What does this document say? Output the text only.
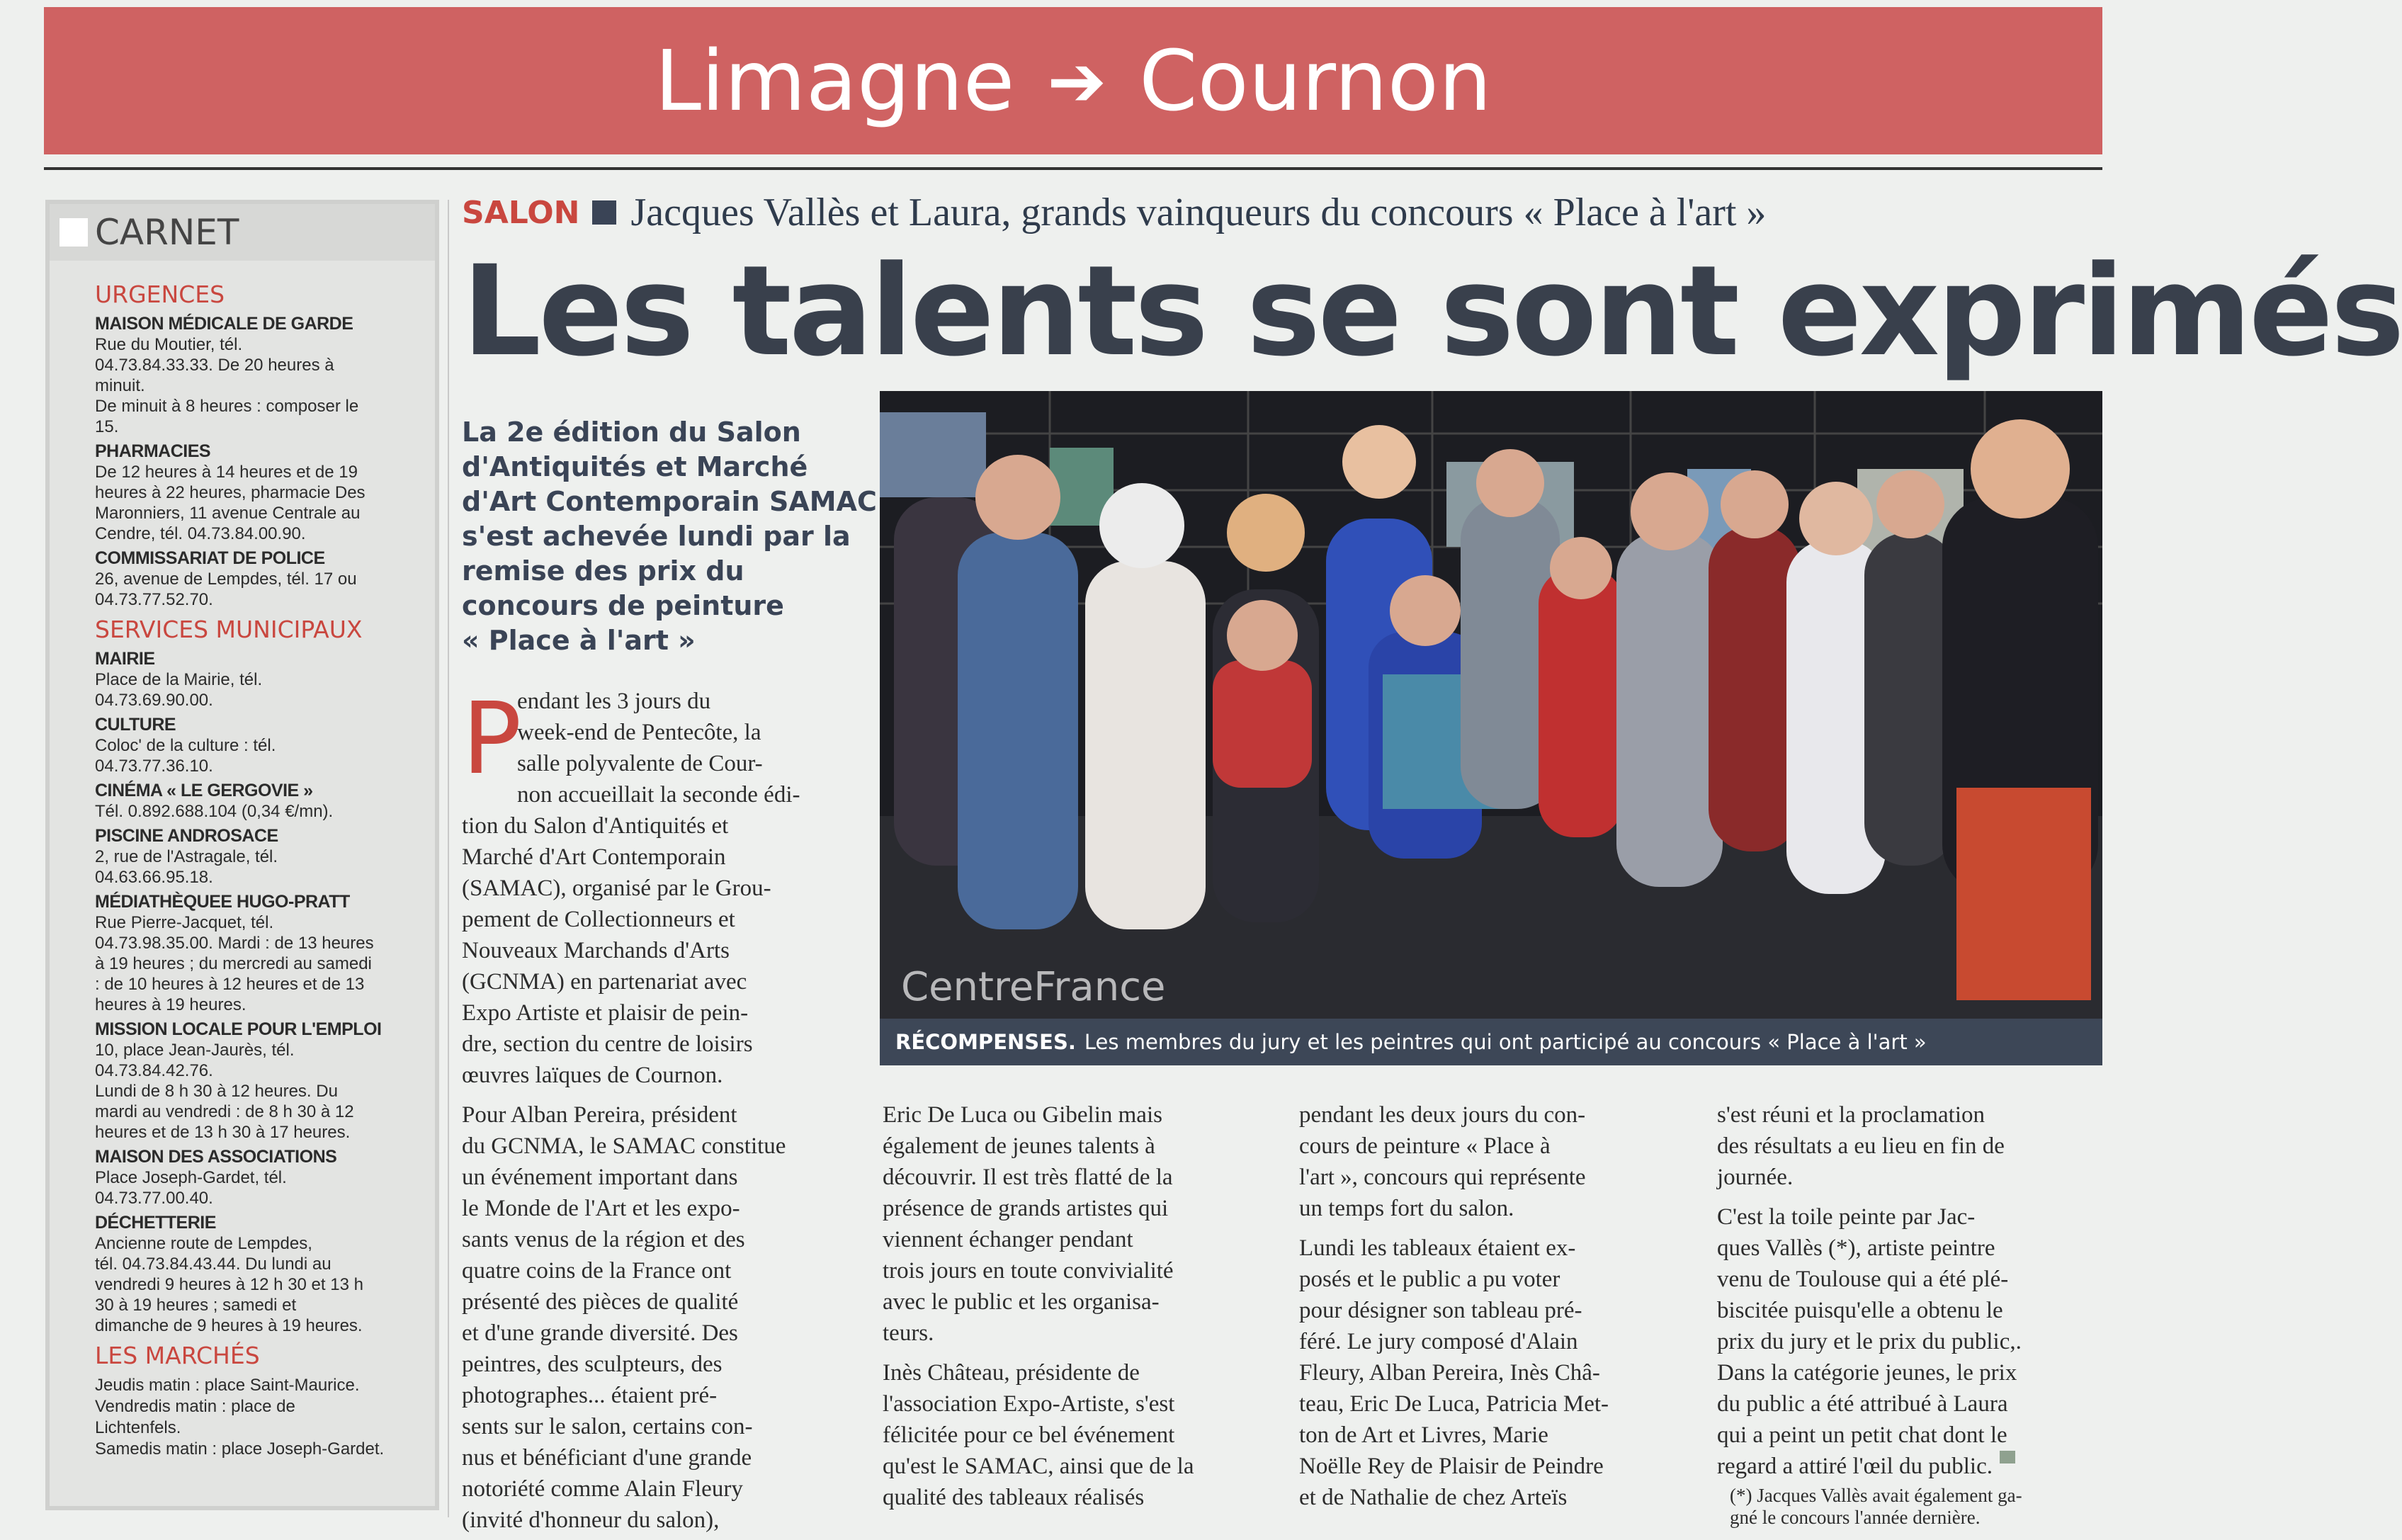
Limagne ➔ Cournon
CARNET
URGENCES
MAISON MÉDICALE DE GARDE
Rue du Moutier, tél.
04.73.84.33.33. De 20 heures à
minuit.
De minuit à 8 heures : composer le
15.
PHARMACIES
De 12 heures à 14 heures et de 19
heures à 22 heures, pharmacie Des
Maronniers, 11 avenue Centrale au
Cendre, tél. 04.73.84.00.90.
COMMISSARIAT DE POLICE
26, avenue de Lempdes, tél. 17 ou
04.73.77.52.70.
SERVICES MUNICIPAUX
MAIRIE
Place de la Mairie, tél.
04.73.69.90.00.
CULTURE
Coloc' de la culture : tél.
04.73.77.36.10.
CINÉMA « LE GERGOVIE »
Tél. 0.892.688.104 (0,34 €/mn).
PISCINE ANDROSACE
2, rue de l'Astragale, tél.
04.63.66.95.18.
MÉDIATHÈQUEE HUGO-PRATT
Rue Pierre-Jacquet, tél.
04.73.98.35.00. Mardi : de 13 heures
à 19 heures ; du mercredi au samedi
: de 10 heures à 12 heures et de 13
heures à 19 heures.
MISSION LOCALE POUR L'EMPLOI
10, place Jean-Jaurès, tél.
04.73.84.42.76.
Lundi de 8 h 30 à 12 heures. Du
mardi au vendredi : de 8 h 30 à 12
heures et de 13 h 30 à 17 heures.
MAISON DES ASSOCIATIONS
Place Joseph-Gardet, tél.
04.73.77.00.40.
DÉCHETTERIE
Ancienne route de Lempdes,
tél. 04.73.84.43.44. Du lundi au
vendredi 9 heures à 12 h 30 et 13 h
30 à 19 heures ; samedi et
dimanche de 9 heures à 19 heures.
LES MARCHÉS
Jeudis matin : place Saint-Maurice.
Vendredis matin : place de
Lichtenfels.
Samedis matin : place Joseph-Gardet.
SALON Jacques Vallès et Laura, grands vainqueurs du concours « Place à l'art »
Les talents se sont exprimés
La 2e édition du Salon
d'Antiquités et Marché
d'Art Contemporain SAMAC
s'est achevée lundi par la
remise des prix du
concours de peinture
« Place à l'art »
CentreFrance
RÉCOMPENSES. Les membres du jury et les peintres qui ont participé au concours « Place à l'art »
P
endant les 3 jours du
week-end de Pentecôte, la
salle polyvalente de Cour-
non accueillait la seconde édi-
tion du Salon d'Antiquités et
Marché d'Art Contemporain
(SAMAC), organisé par le Grou-
pement de Collectionneurs et
Nouveaux Marchands d'Arts
(GCNMA) en partenariat avec
Expo Artiste et plaisir de pein-
dre, section du centre de loisirs
œuvres laïques de Cournon.
Pour Alban Pereira, président
du GCNMA, le SAMAC constitue
un événement important dans
le Monde de l'Art et les expo-
sants venus de la région et des
quatre coins de la France ont
présenté des pièces de qualité
et d'une grande diversité. Des
peintres, des sculpteurs, des
photographes... étaient pré-
sents sur le salon, certains con-
nus et bénéficiant d'une grande
notoriété comme Alain Fleury
(invité d'honneur du salon),
Eric De Luca ou Gibelin mais
également de jeunes talents à
découvrir. Il est très flatté de la
présence de grands artistes qui
viennent échanger pendant
trois jours en toute convivialité
avec le public et les organisa-
teurs.
Inès Château, présidente de
l'association Expo-Artiste, s'est
félicitée pour ce bel événement
qu'est le SAMAC, ainsi que de la
qualité des tableaux réalisés
pendant les deux jours du con-
cours de peinture « Place à
l'art », concours qui représente
un temps fort du salon.
Lundi les tableaux étaient ex-
posés et le public a pu voter
pour désigner son tableau pré-
féré. Le jury composé d'Alain
Fleury, Alban Pereira, Inès Châ-
teau, Eric De Luca, Patricia Met-
ton de Art et Livres, Marie
Noëlle Rey de Plaisir de Peindre
et de Nathalie de chez Arteïs
s'est réuni et la proclamation
des résultats a eu lieu en fin de
journée.
C'est la toile peinte par Jac-
ques Vallès (*), artiste peintre
venu de Toulouse qui a été plé-
biscitée puisqu'elle a obtenu le
prix du jury et le prix du public,.
Dans la catégorie jeunes, le prix
du public a été attribué à Laura
qui a peint un petit chat dont le
regard a attiré l'œil du public.
(*) Jacques Vallès avait également ga-
gné le concours l'année dernière.
